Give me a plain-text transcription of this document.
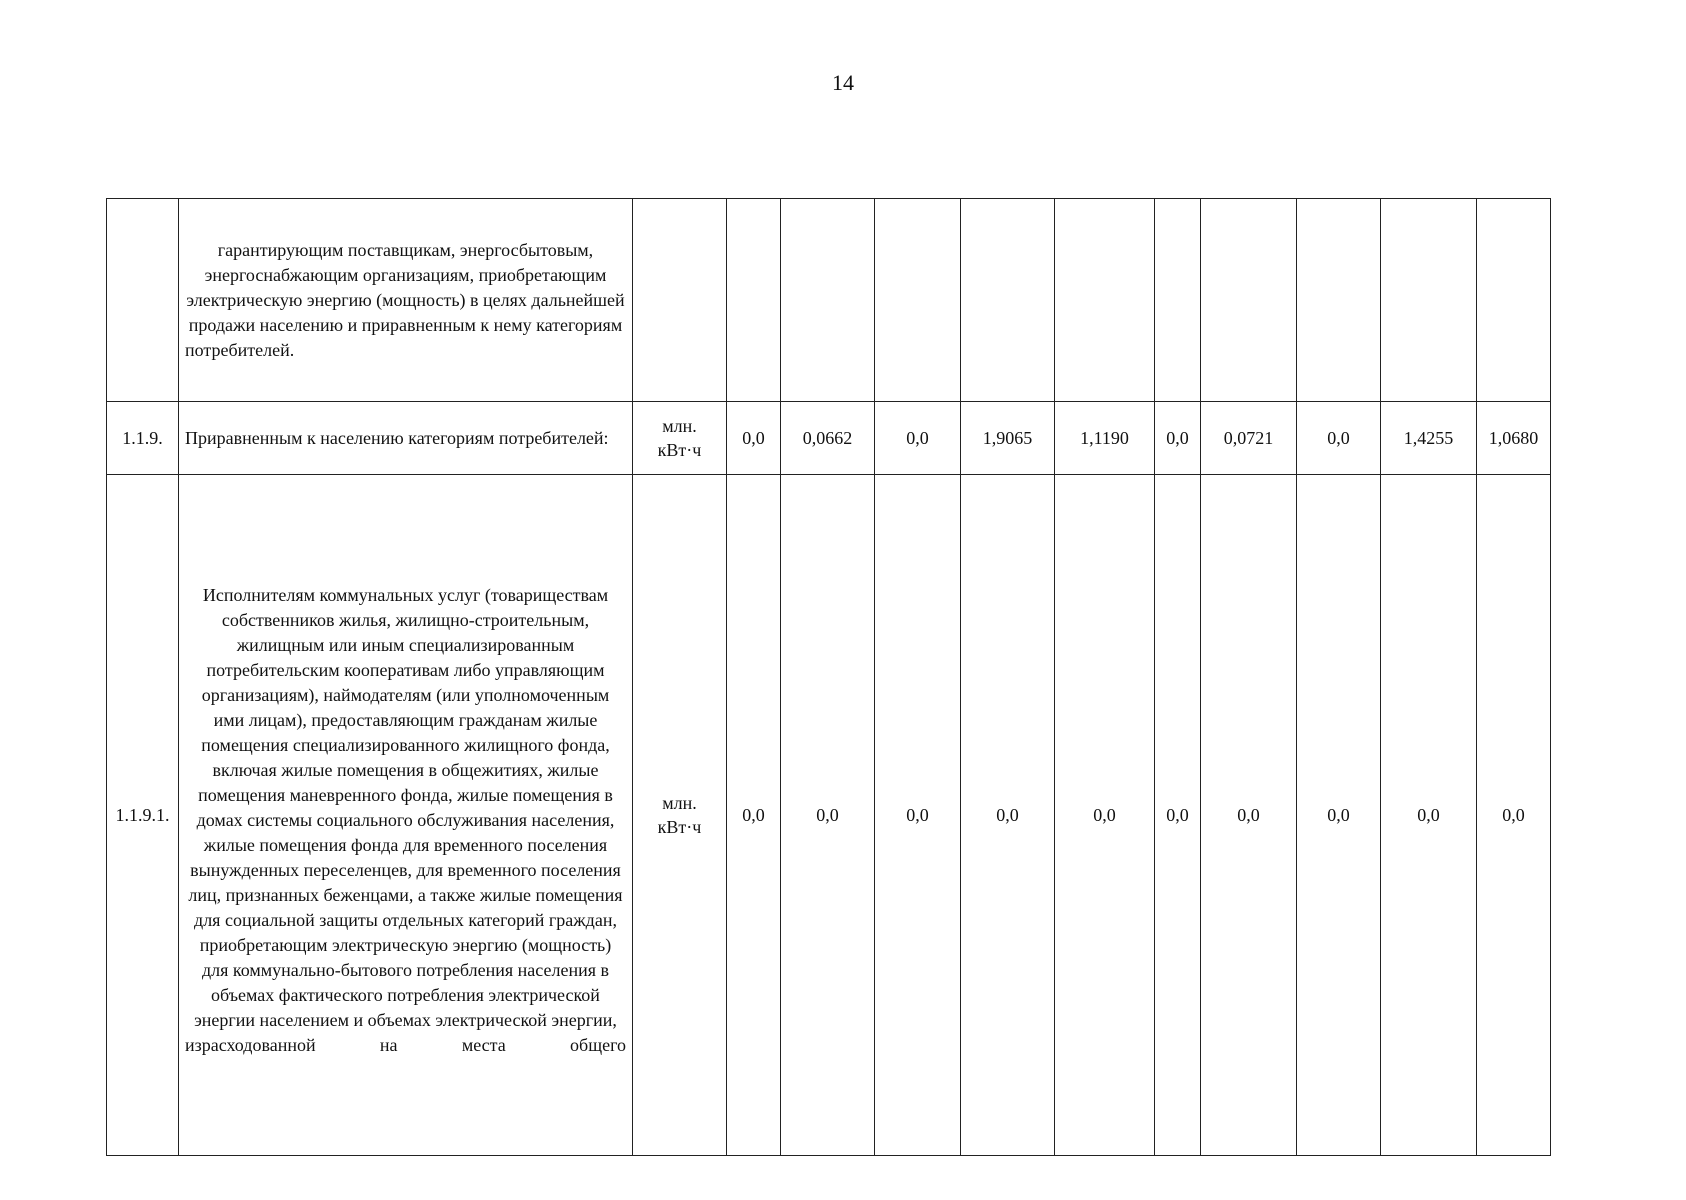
14
	гарантирующим поставщикам, энергосбытовым, энергоснабжающим организациям, приобретающим электрическую энергию (мощность) в целях дальнейшей продажи населению и приравненным к нему категориям потребителей.											
1.1.9.	Приравненным к населению категориям потребителей:	млн. кВт·ч	0,0	0,0662	0,0	1,9065	1,1190	0,0	0,0721	0,0	1,4255	1,0680
1.1.9.1.	Исполнителям коммунальных услуг (товариществам собственников жилья, жилищно-строительным, жилищным или иным специализированным потребительским кооперативам либо управляющим организациям), наймодателям (или уполномоченным ими лицам), предоставляющим гражданам жилые помещения специализированного жилищного фонда, включая жилые помещения в общежитиях, жилые помещения маневренного фонда, жилые помещения в домах системы социального обслуживания населения, жилые помещения фонда для временного поселения вынужденных переселенцев, для временного поселения лиц, признанных беженцами, а также жилые помещения для социальной защиты отдельных категорий граждан, приобретающим электрическую энергию (мощность) для коммунально-бытового потребления населения в объемах фактического потребления электрической энергии населением и объемах электрической энергии, израсходованной на места общего	млн. кВт·ч	0,0	0,0	0,0	0,0	0,0	0,0	0,0	0,0	0,0	0,0
